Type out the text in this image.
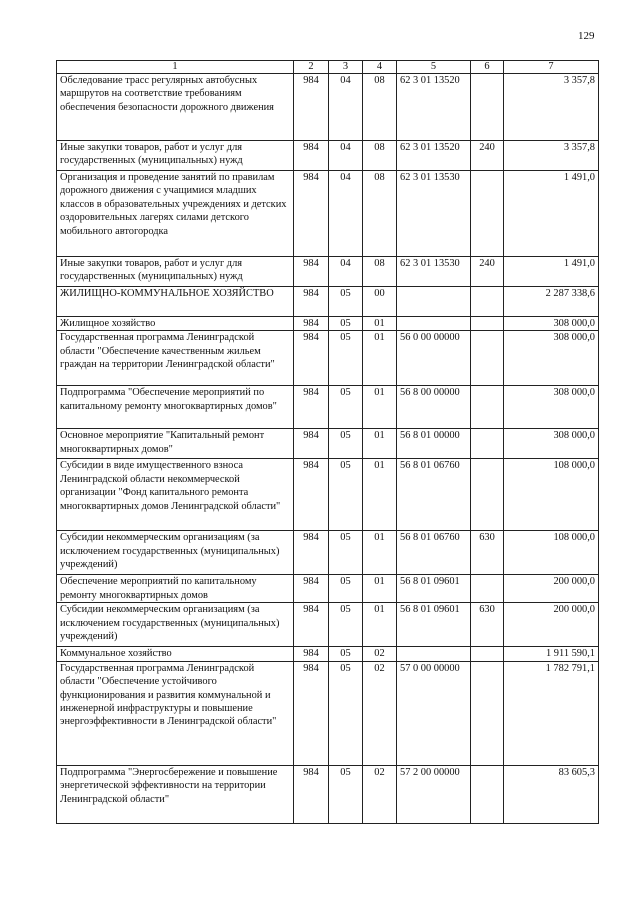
129
1	2	3	4	5	6	7
Обследование трасс регулярных автобусных маршрутов на соответствие требованиям обеспечения безопасности дорожного движения	984	04	08	62 3 01 13520		3 357,8
Иные закупки товаров, работ и услуг для государственных (муниципальных) нужд	984	04	08	62 3 01 13520	240	3 357,8
Организация и проведение занятий по правилам дорожного движения с учащимися младших классов в образовательных учреждениях и детских оздоровительных лагерях силами детского мобильного автогородка	984	04	08	62 3 01 13530		1 491,0
Иные закупки товаров, работ и услуг для государственных (муниципальных) нужд	984	04	08	62 3 01 13530	240	1 491,0
ЖИЛИЩНО-КОММУНАЛЬНОЕ ХОЗЯЙСТВО	984	05	00			2 287 338,6
Жилищное хозяйство	984	05	01			308 000,0
Государственная программа Ленинградской области "Обеспечение качественным жильем граждан на территории Ленинградской области"	984	05	01	56 0 00 00000		308 000,0
Подпрограмма "Обеспечение мероприятий по капитальному ремонту многоквартирных домов"	984	05	01	56 8 00 00000		308 000,0
Основное мероприятие "Капитальный ремонт многоквартирных домов"	984	05	01	56 8 01 00000		308 000,0
Субсидии в виде имущественного взноса Ленинградской области некоммерческой организации "Фонд капитального ремонта многоквартирных домов Ленинградской области"	984	05	01	56 8 01 06760		108 000,0
Субсидии некоммерческим организациям (за исключением государственных (муниципальных) учреждений)	984	05	01	56 8 01 06760	630	108 000,0
Обеспечение мероприятий по капитальному ремонту многоквартирных домов	984	05	01	56 8 01 09601		200 000,0
Субсидии некоммерческим организациям (за исключением государственных (муниципальных) учреждений)	984	05	01	56 8 01 09601	630	200 000,0
Коммунальное хозяйство	984	05	02			1 911 590,1
Государственная программа Ленинградской области "Обеспечение устойчивого функционирования и развития коммунальной и инженерной инфраструктуры и повышение энергоэффективности в Ленинградской области"	984	05	02	57 0 00 00000		1 782 791,1
Подпрограмма "Энергосбережение и повышение энергетической эффективности на территории Ленинградской области"	984	05	02	57 2 00 00000		83 605,3
